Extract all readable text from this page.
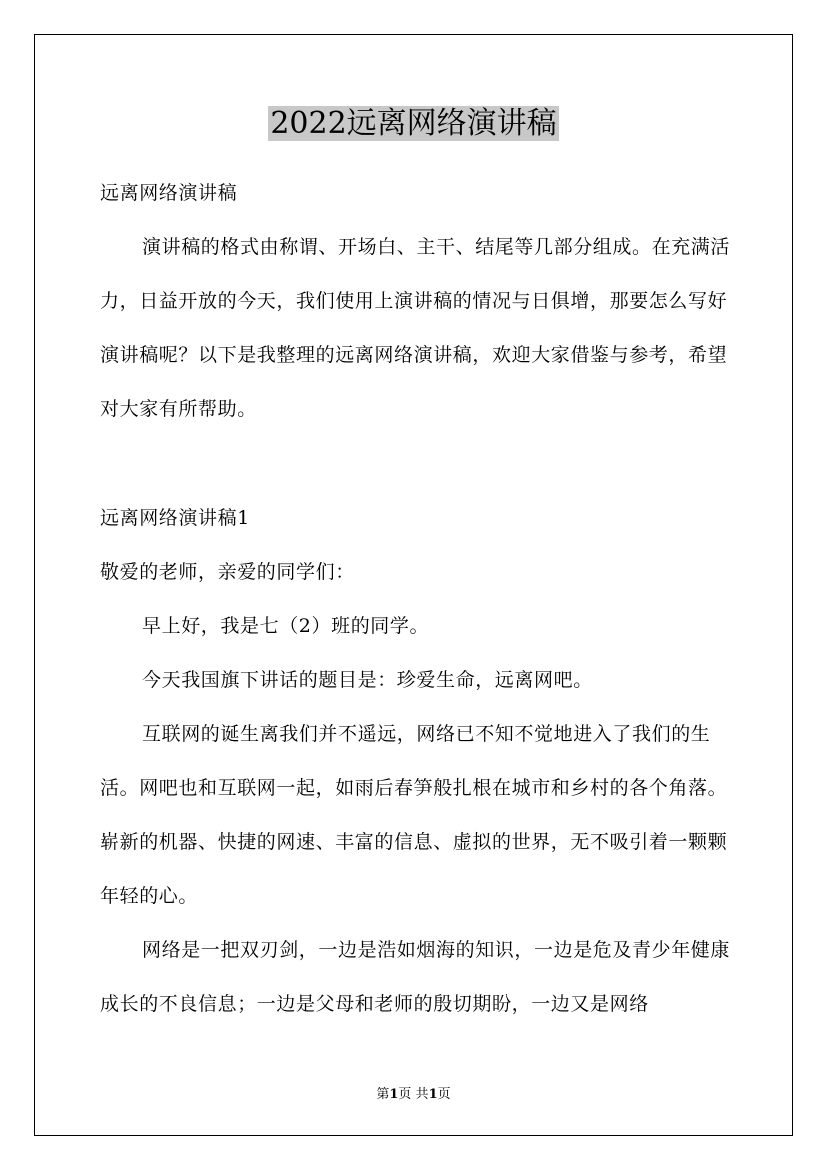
2022远离网络演讲稿

远离网络演讲稿

演讲稿的格式由称谓、开场白、主干、结尾等几部分组成。在充满活力，日益开放的今天，我们使用上演讲稿的情况与日俱增，那要怎么写好演讲稿呢？以下是我整理的远离网络演讲稿，欢迎大家借鉴与参考，希望对大家有所帮助。

远离网络演讲稿1

敬爱的老师，亲爱的同学们：

早上好，我是七（2）班的同学。

今天我国旗下讲话的题目是：珍爱生命，远离网吧。

互联网的诞生离我们并不遥远，网络已不知不觉地进入了我们的生活。网吧也和互联网一起，如雨后春笋般扎根在城市和乡村的各个角落。崭新的机器、快捷的网速、丰富的信息、虚拟的世界，无不吸引着一颗颗年轻的心。

网络是一把双刃剑，一边是浩如烟海的知识，一边是危及青少年健康成长的不良信息；一边是父母和老师的殷切期盼，一边又是网络

第1页 共1页
